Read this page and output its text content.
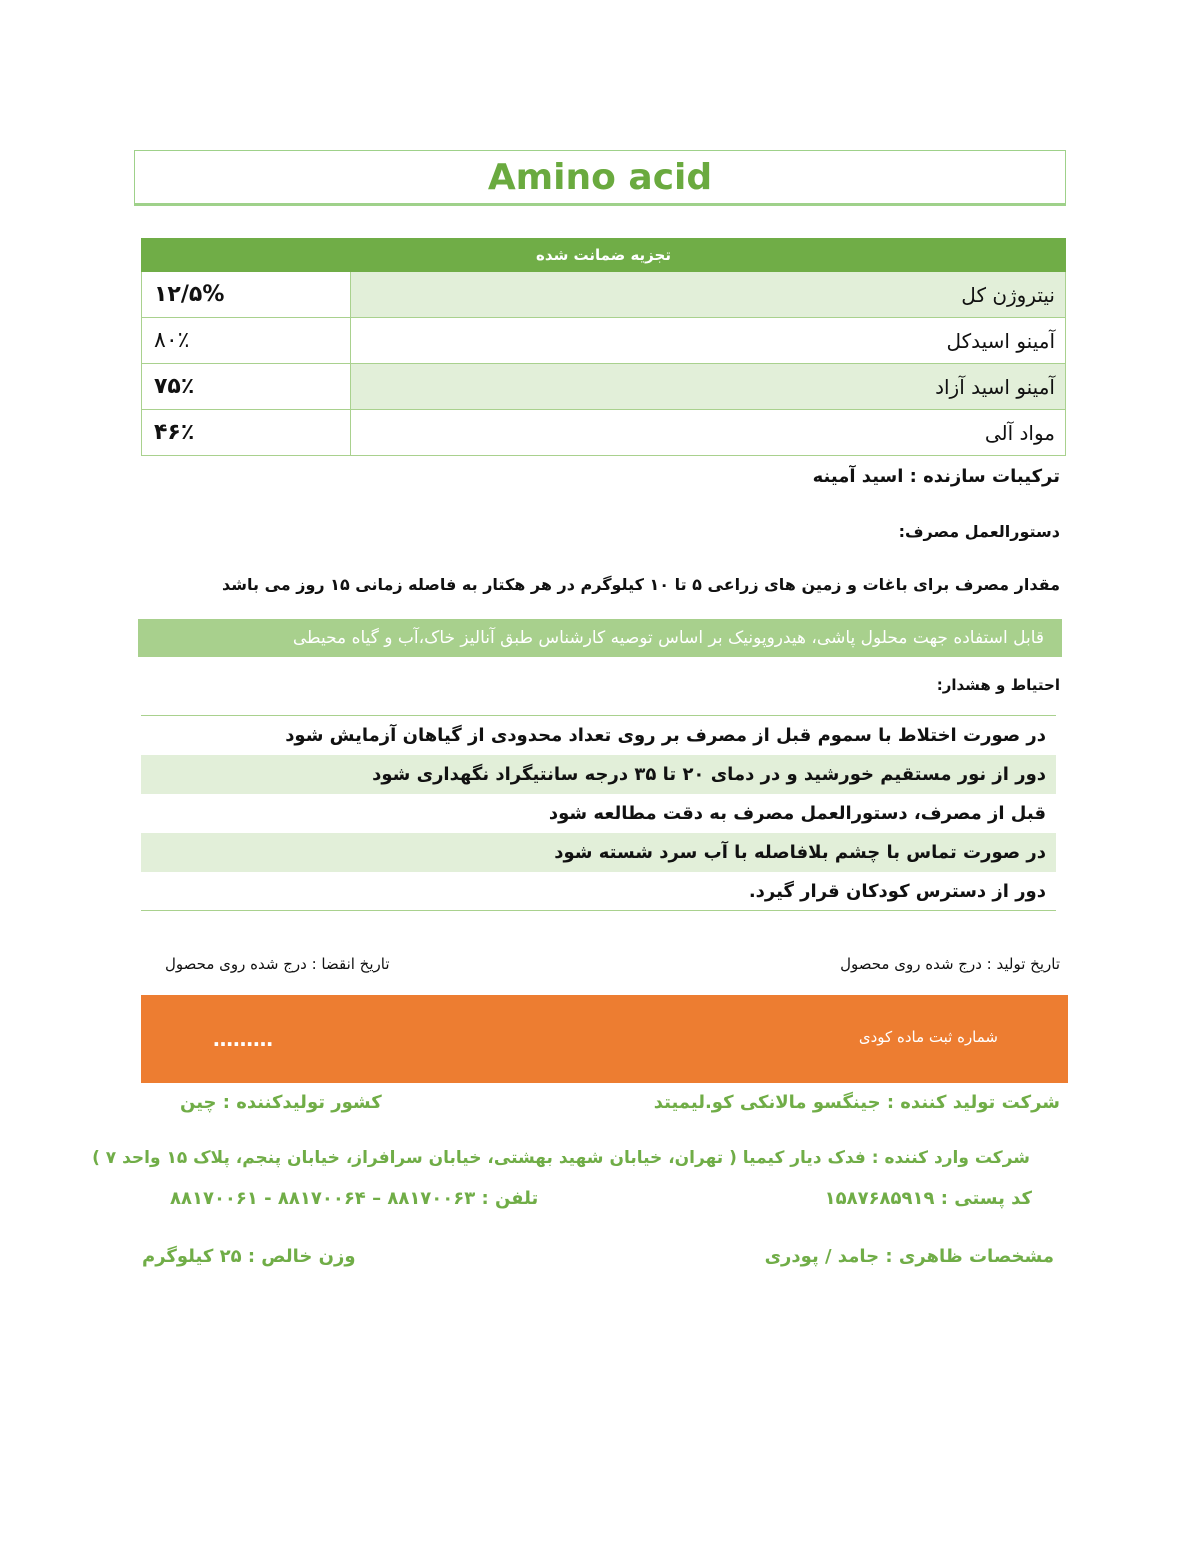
Amino acid
تجزیه ضمانت شده
۱۲/۵%	نیتروژن کل
۸۰٪	آمینو اسیدکل
۷۵٪	آمینو اسید آزاد
۴۶٪	مواد آلی
ترکیبات سازنده : اسید آمینه
دستورالعمل مصرف:
مقدار مصرف برای باغات و زمین های زراعی ۵ تا ۱۰ کیلوگرم در هر هکتار به فاصله زمانی ۱۵ روز می باشد
قابل استفاده جهت محلول پاشی، هیدروپونیک بر اساس توصیه کارشناس طبق آنالیز خاک،آب و گیاه محیطی
احتیاط و هشدار:
در صورت اختلاط با سموم قبل از مصرف بر روی تعداد محدودی از گیاهان آزمایش شود
دور از نور مستقیم خورشید و در دمای ۲۰ تا ۳۵ درجه سانتیگراد نگهداری شود
قبل از مصرف، دستورالعمل مصرف به دقت مطالعه شود
در صورت تماس با چشم بلافاصله با آب سرد شسته شود
دور از دسترس کودکان قرار گیرد.
تاریخ تولید : درج شده روی محصول
تاریخ انقضا : درج شده روی محصول
شماره ثبت ماده کودی
………
شرکت تولید کننده : جینگسو مالانکی کو.لیمیتد
کشور تولیدکننده : چین
شرکت وارد کننده : فدک دیار کیمیا ( تهران، خیابان شهید بهشتی، خیابان سرافراز، خیابان پنجم، پلاک ۱۵ واحد ۷ )
کد پستی : ۱۵۸۷۶۸۵۹۱۹
تلفن : ۸۸۱۷۰۰۶۳ – ۸۸۱۷۰۰۶۴ - ۸۸۱۷۰۰۶۱
مشخصات ظاهری : جامد / پودری
وزن خالص : ۲۵ کیلوگرم
